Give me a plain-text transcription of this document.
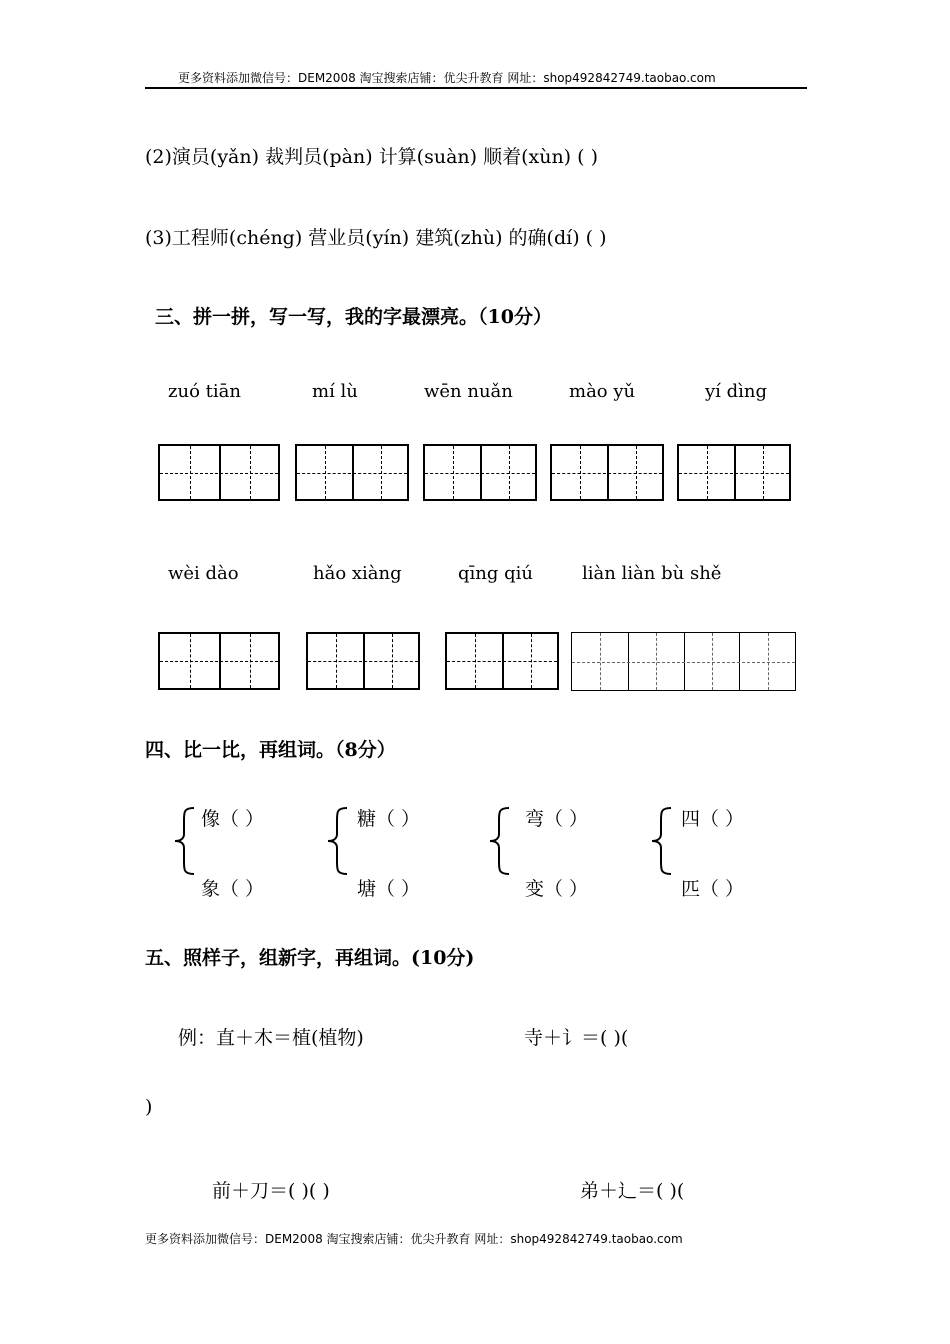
更多资料添加微信号：DEM2008 淘宝搜索店铺：优尖升教育 网址：shop492842749.taobao.com
(2)演员(yǎn) 裁判员(pàn) 计算(suàn) 顺着(xùn) ( )
(3)工程师(chéng) 营业员(yín) 建筑(zhù) 的确(dí) ( )
三、拼一拼，写一写，我的字最漂亮。（10分）
zuó tiān	mí lù	wēn nuǎn	mào yǔ	yí dìng
wèi dào	hǎo xiàng	qīng qiú	liàn liàn bù shě
四、比一比，再组词。（8分）
像（ ）
象（ ）
糖（ ）
塘（ ）
弯（ ）
变（ ）
四（ ）
匹（ ）
五、照样子，组新字，再组词。(10分)
例：直＋木＝植(植物)	寺＋讠＝( )(
)
前＋刀＝( )( )	弟＋辶＝( )(
更多资料添加微信号：DEM2008 淘宝搜索店铺：优尖升教育 网址：shop492842749.taobao.com
